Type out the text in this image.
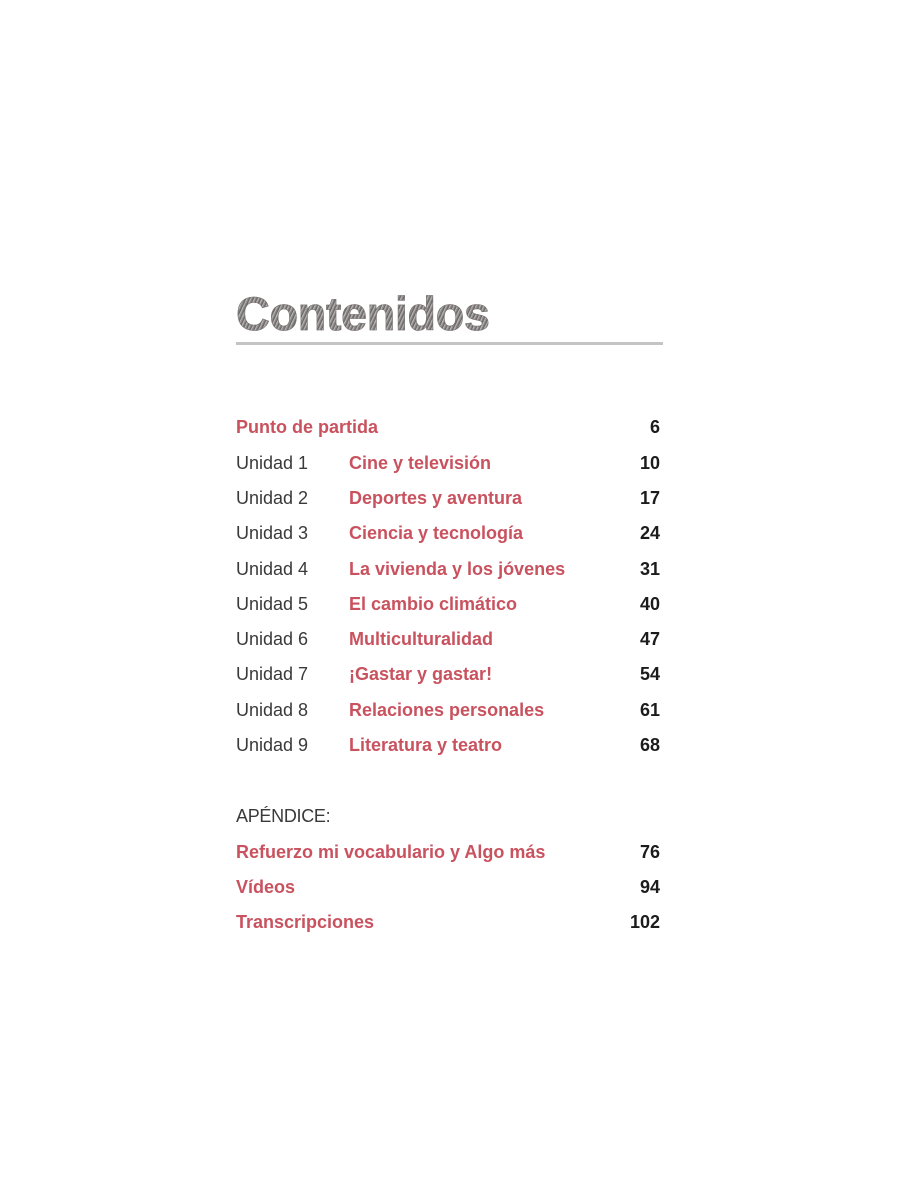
Contenidos
Punto de partida	6
Unidad 1 Cine y televisión	10
Unidad 2 Deportes y aventura	17
Unidad 3 Ciencia y tecnología	24
Unidad 4 La vivienda y los jóvenes	31
Unidad 5 El cambio climático	40
Unidad 6 Multiculturalidad	47
Unidad 7 ¡Gastar y gastar!	54
Unidad 8 Relaciones personales	61
Unidad 9 Literatura y teatro	68
APÉNDICE:
Refuerzo mi vocabulario y Algo más	76
Vídeos	94
Transcripciones	102
